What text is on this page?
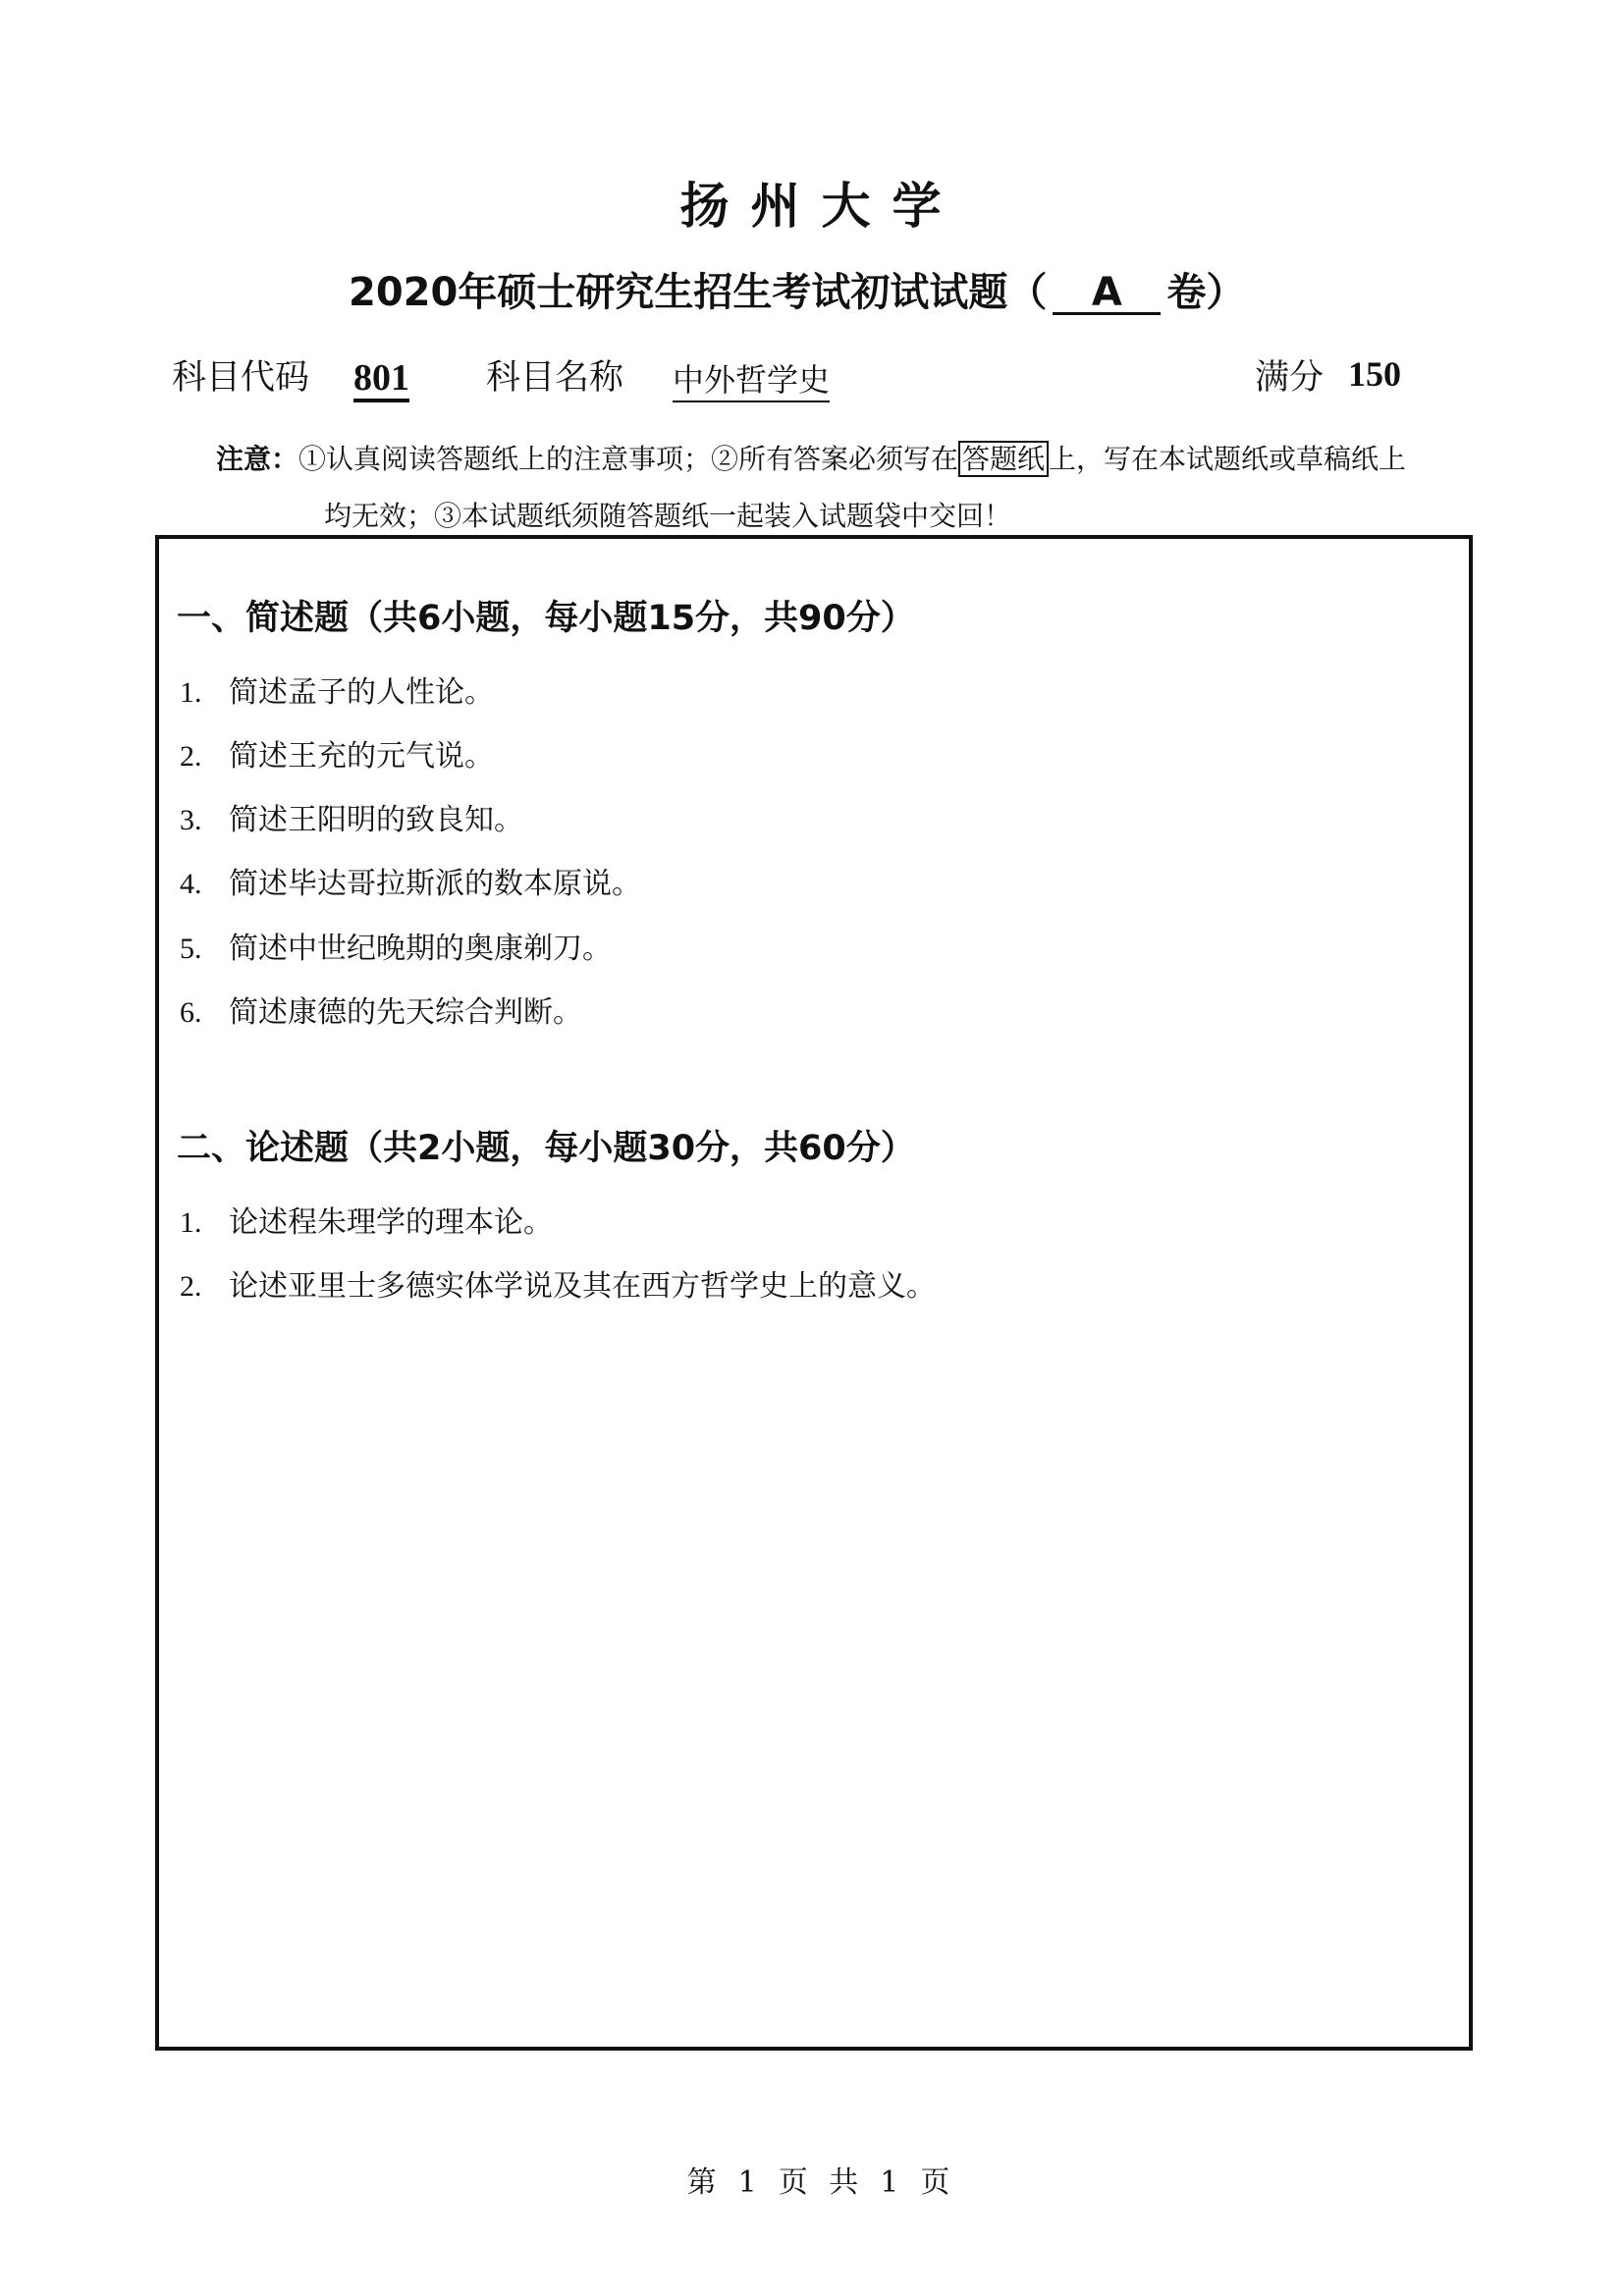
扬州大学
2020年硕士研究生招生考试初试试题（ A 卷）
科目代码 801 科目名称 中外哲学史	满分 150
注意：①认真阅读答题纸上的注意事项；②所有答案必须写在 答题纸 上，写在本试题纸或草稿纸上
均无效；③本试题纸须随答题纸一起装入试题袋中交回！
一、简述题（共6小题，每小题15分，共90分）
1. 简述孟子的人性论。
2. 简述王充的元气说。
3. 简述王阳明的致良知。
4. 简述毕达哥拉斯派的数本原说。
5. 简述中世纪晚期的奥康剃刀。
6. 简述康德的先天综合判断。
二、论述题（共2小题，每小题30分，共60分）
1. 论述程朱理学的理本论。
2. 论述亚里士多德实体学说及其在西方哲学史上的意义。
第 1 页 共 1 页
